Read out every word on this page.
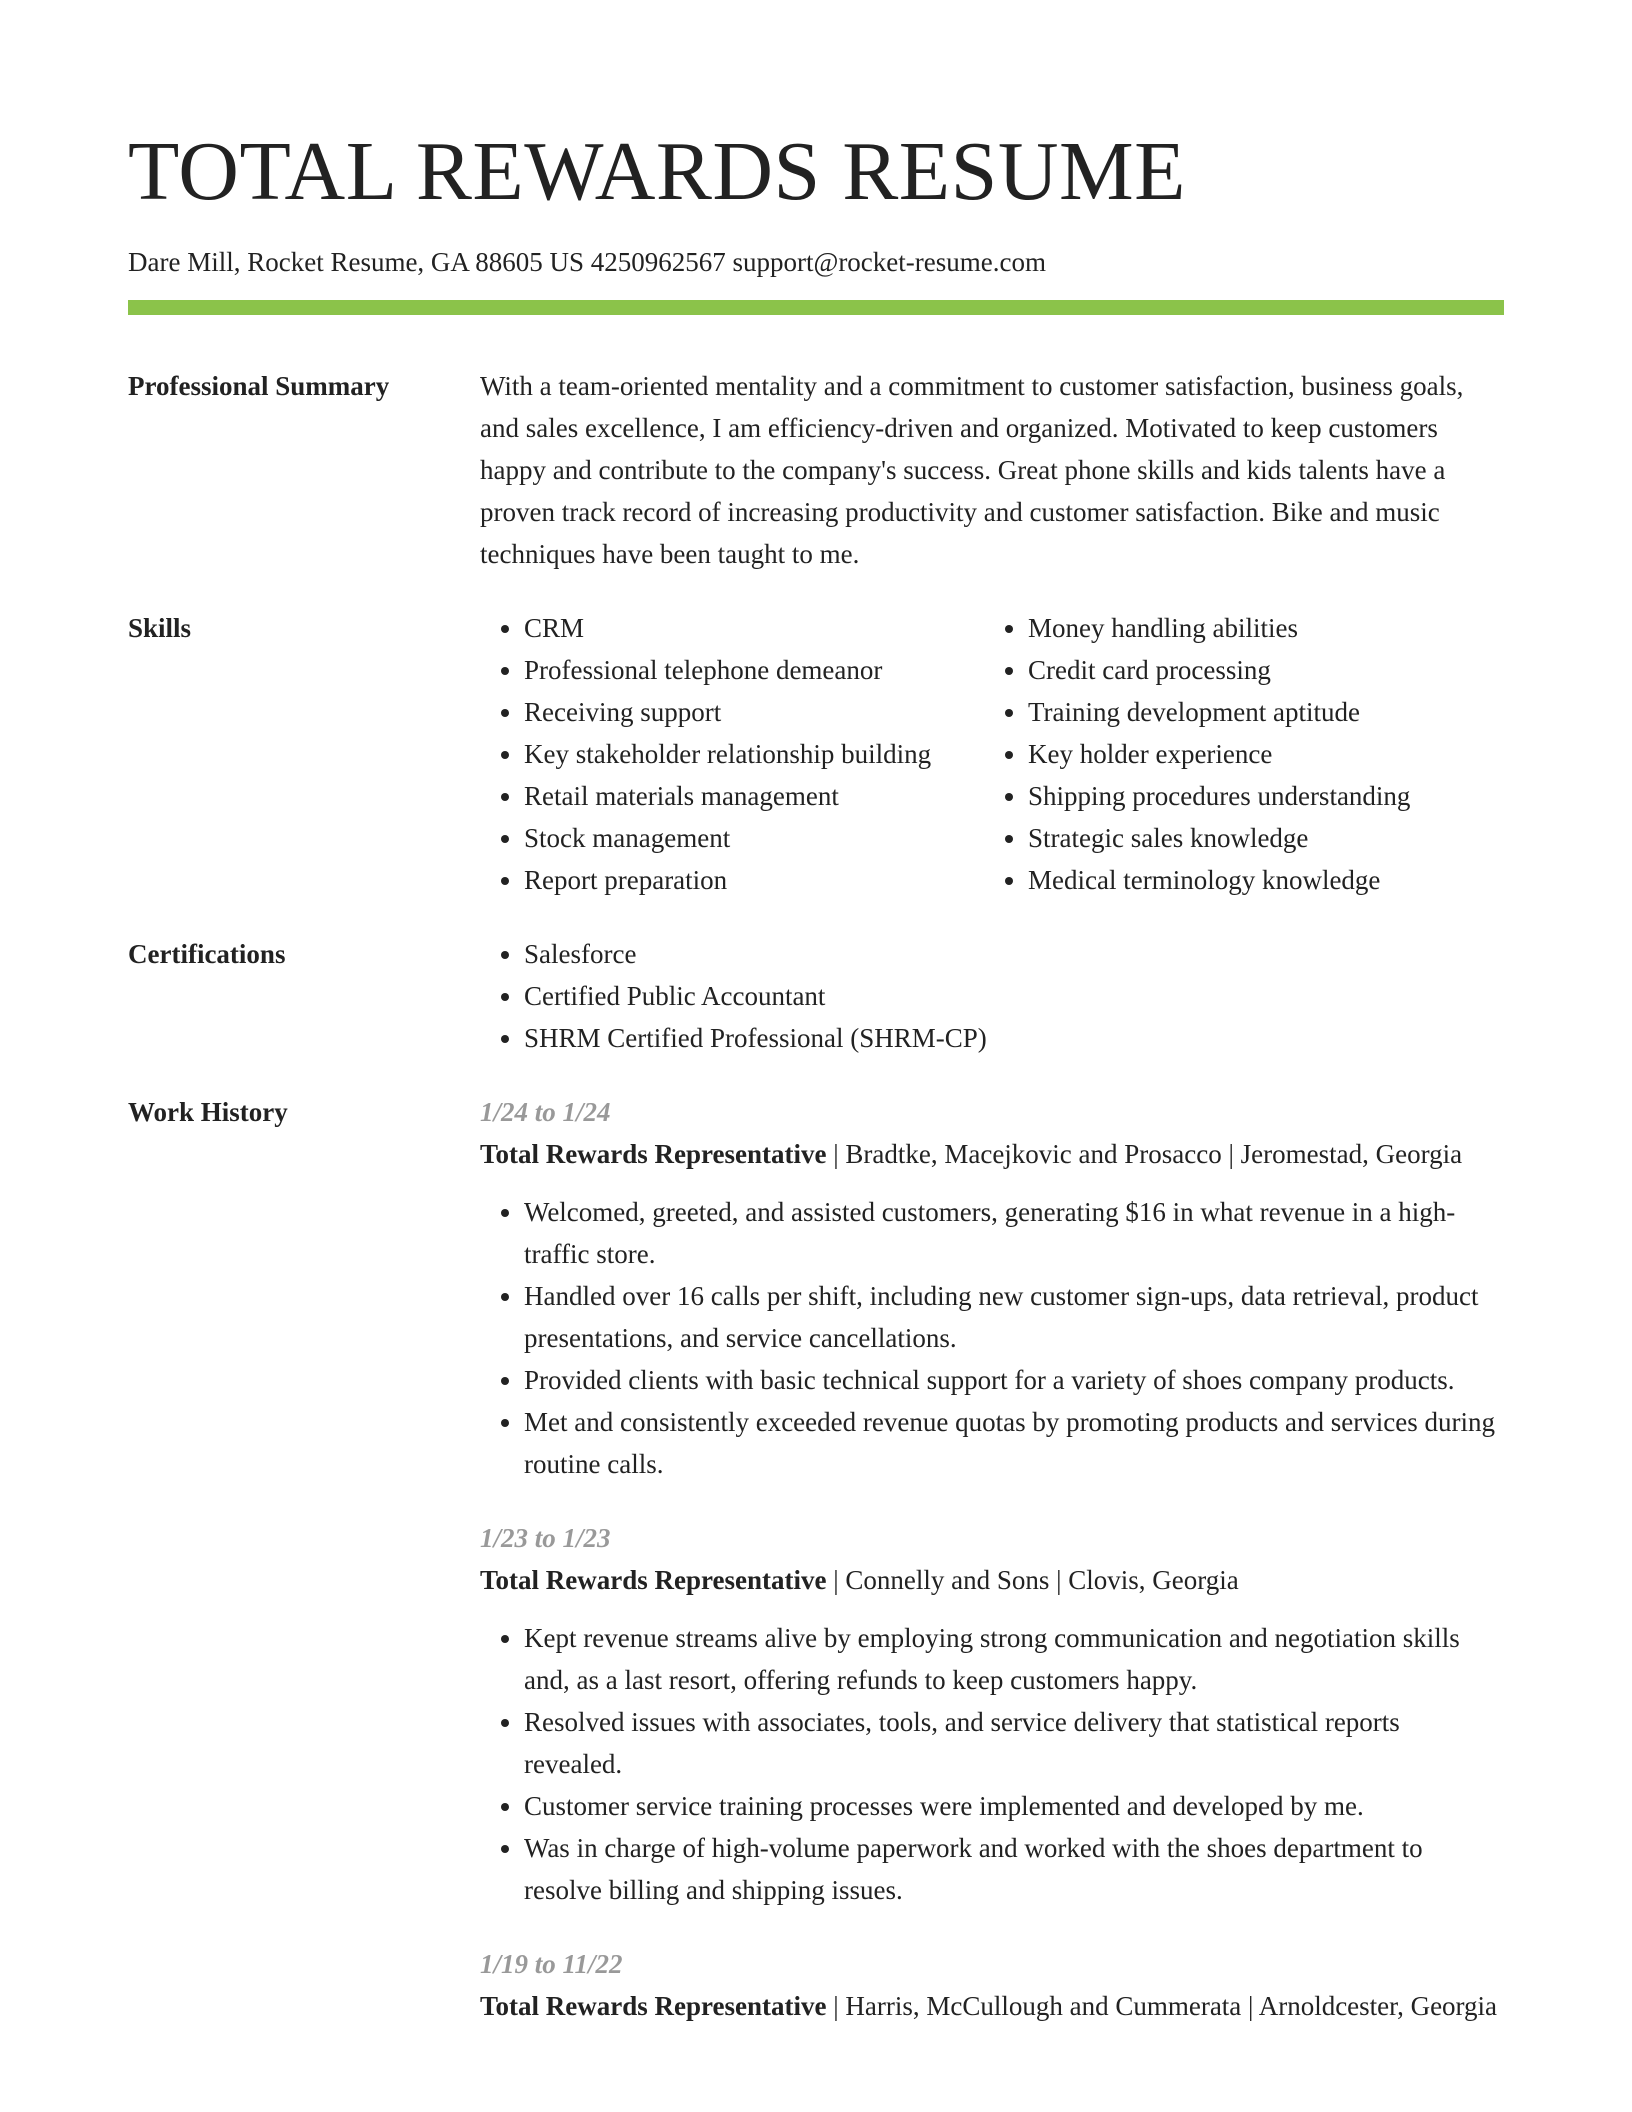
TOTAL REWARDS RESUME
Dare Mill, Rocket Resume, GA 88605 US 4250962567 support@rocket-resume.com
Professional Summary	With a team-oriented mentality and a commitment to customer satisfaction, business goals, and sales excellence, I am efficiency-driven and organized. Motivated to keep customers happy and contribute to the company's success. Great phone skills and kids talents have a proven track record of increasing productivity and customer satisfaction. Bike and music techniques have been taught to me.

Skills	• CRM
• Professional telephone demeanor
• Receiving support
• Key stakeholder relationship building
• Retail materials management
• Stock management
• Report preparation
• Money handling abilities
• Credit card processing
• Training development aptitude
• Key holder experience
• Shipping procedures understanding
• Strategic sales knowledge
• Medical terminology knowledge
Certifications	• Salesforce
• Certified Public Accountant
• SHRM Certified Professional (SHRM-CP)
Work History	1/24 to 1/24
Total Rewards Representative | Bradtke, Macejkovic and Prosacco | Jeromestad, Georgia
• Welcomed, greeted, and assisted customers, generating $16 in what revenue in a high-traffic store.
• Handled over 16 calls per shift, including new customer sign-ups, data retrieval, product presentations, and service cancellations.
• Provided clients with basic technical support for a variety of shoes company products.
• Met and consistently exceeded revenue quotas by promoting products and services during routine calls.
1/23 to 1/23
Total Rewards Representative | Connelly and Sons | Clovis, Georgia
• Kept revenue streams alive by employing strong communication and negotiation skills and, as a last resort, offering refunds to keep customers happy.
• Resolved issues with associates, tools, and service delivery that statistical reports revealed.
• Customer service training processes were implemented and developed by me.
• Was in charge of high-volume paperwork and worked with the shoes department to resolve billing and shipping issues.
1/19 to 11/22
Total Rewards Representative | Harris, McCullough and Cummerata | Arnoldcester, Georgia
